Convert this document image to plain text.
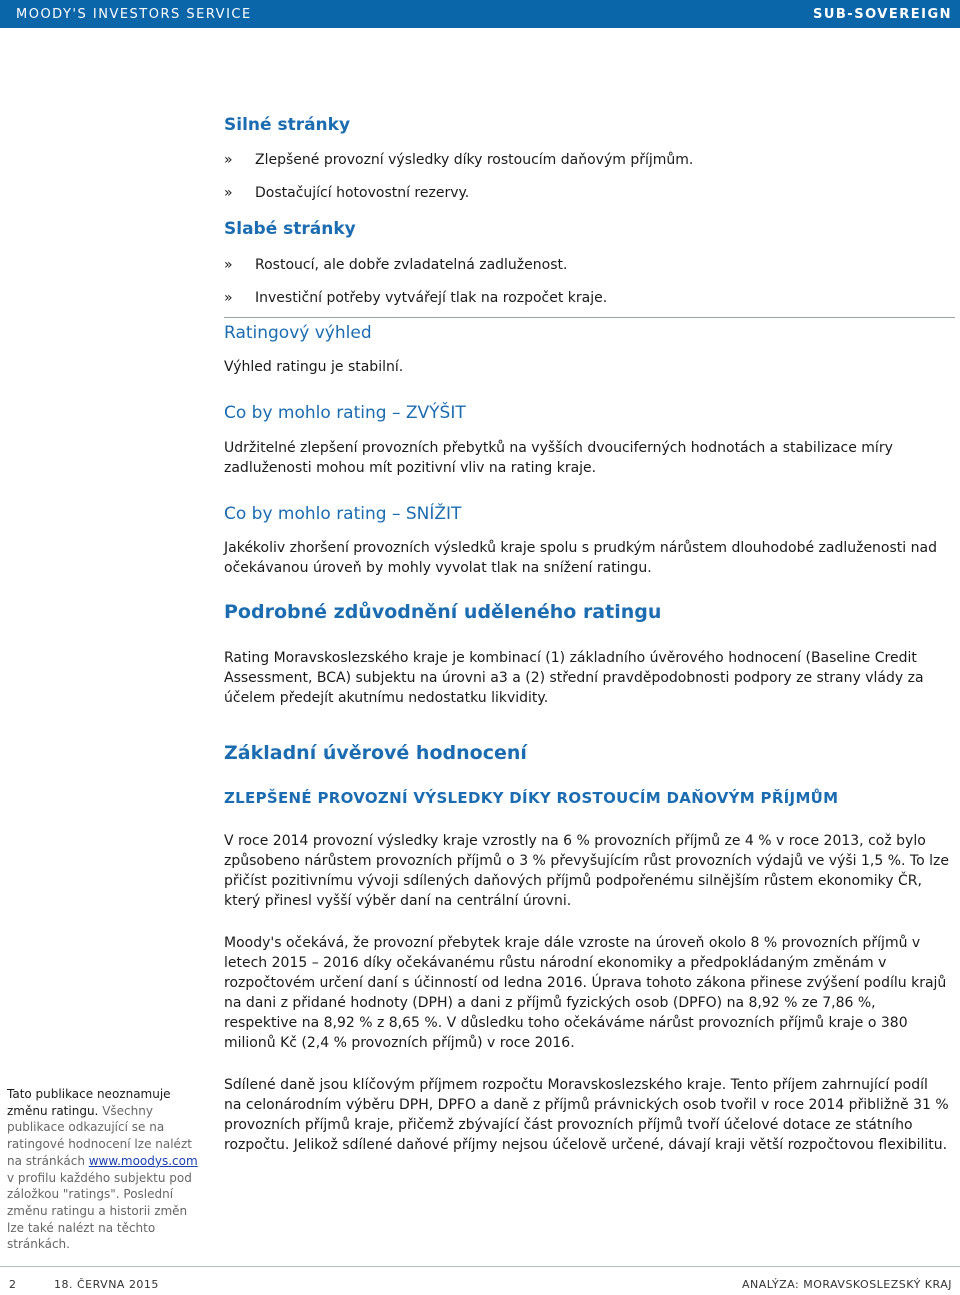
MOODY'S INVESTORS SERVICE	SUB-SOVEREIGN
Silné stránky
» Zlepšené provozní výsledky díky rostoucím daňovým příjmům.
» Dostačující hotovostní rezervy.
Slabé stránky
» Rostoucí, ale dobře zvladatelná zadluženost.
» Investiční potřeby vytvářejí tlak na rozpočet kraje.
Ratingový výhled

Výhled ratingu je stabilní.

Co by mohlo rating – ZVÝŠIT

Udržitelné zlepšení provozních přebytků na vyšších dvouciferných hodnotách a stabilizace míry zadluženosti mohou mít pozitivní vliv na rating kraje.

Co by mohlo rating – SNÍŽIT

Jakékoliv zhoršení provozních výsledků kraje spolu s prudkým nárůstem dlouhodobé zadluženosti nad očekávanou úroveň by mohly vyvolat tlak na snížení ratingu.

Podrobné zdůvodnění uděleného ratingu

Rating Moravskoslezského kraje je kombinací (1) základního úvěrového hodnocení (Baseline Credit Assessment, BCA) subjektu na úrovni a3 a (2) střední pravděpodobnosti podpory ze strany vlády za účelem předejít akutnímu nedostatku likvidity.

Základní úvěrové hodnocení
ZLEPŠENÉ PROVOZNÍ VÝSLEDKY DÍKY ROSTOUCÍM DAŇOVÝM PŘÍJMŮM

V roce 2014 provozní výsledky kraje vzrostly na 6 % provozních příjmů ze 4 % v roce 2013, což bylo způsobeno nárůstem provozních příjmů o 3 % převyšujícím růst provozních výdajů ve výši 1,5 %. To lze přičíst pozitivnímu vývoji sdílených daňových příjmů podpořenému silnějším růstem ekonomiky ČR, který přinesl vyšší výběr daní na centrální úrovni.

Moody's očekává, že provozní přebytek kraje dále vzroste na úroveň okolo 8 % provozních příjmů v letech 2015 – 2016 díky očekávanému růstu národní ekonomiky a předpokládaným změnám v rozpočtovém určení daní s účinností od ledna 2016. Úprava tohoto zákona přinese zvýšení podílu krajů na dani z přidané hodnoty (DPH) a dani z příjmů fyzických osob (DPFO) na 8,92 % ze 7,86 %, respektive na 8,92 % z 8,65 %. V důsledku toho očekáváme nárůst provozních příjmů kraje o 380 milionů Kč (2,4 % provozních příjmů) v roce 2016.

Sdílené daně jsou klíčovým příjmem rozpočtu Moravskoslezského kraje. Tento příjem zahrnující podíl na celonárodním výběru DPH, DPFO a daně z příjmů právnických osob tvořil v roce 2014 přibližně 31 % provozních příjmů kraje, přičemž zbývající část provozních příjmů tvoří účelové dotace ze státního rozpočtu. Jelikož sdílené daňové příjmy nejsou účelově určené, dávají kraji větší rozpočtovou flexibilitu.

Tato publikace neoznamuje změnu ratingu. Všechny publikace odkazující se na ratingové hodnocení lze nalézt na stránkách www.moodys.com v profilu každého subjektu pod záložkou "ratings". Poslední změnu ratingu a historii změn lze také nalézt na těchto stránkách.
2	18. ČERVNA 2015	ANALÝZA: MORAVSKOSLEZSKÝ KRAJ
